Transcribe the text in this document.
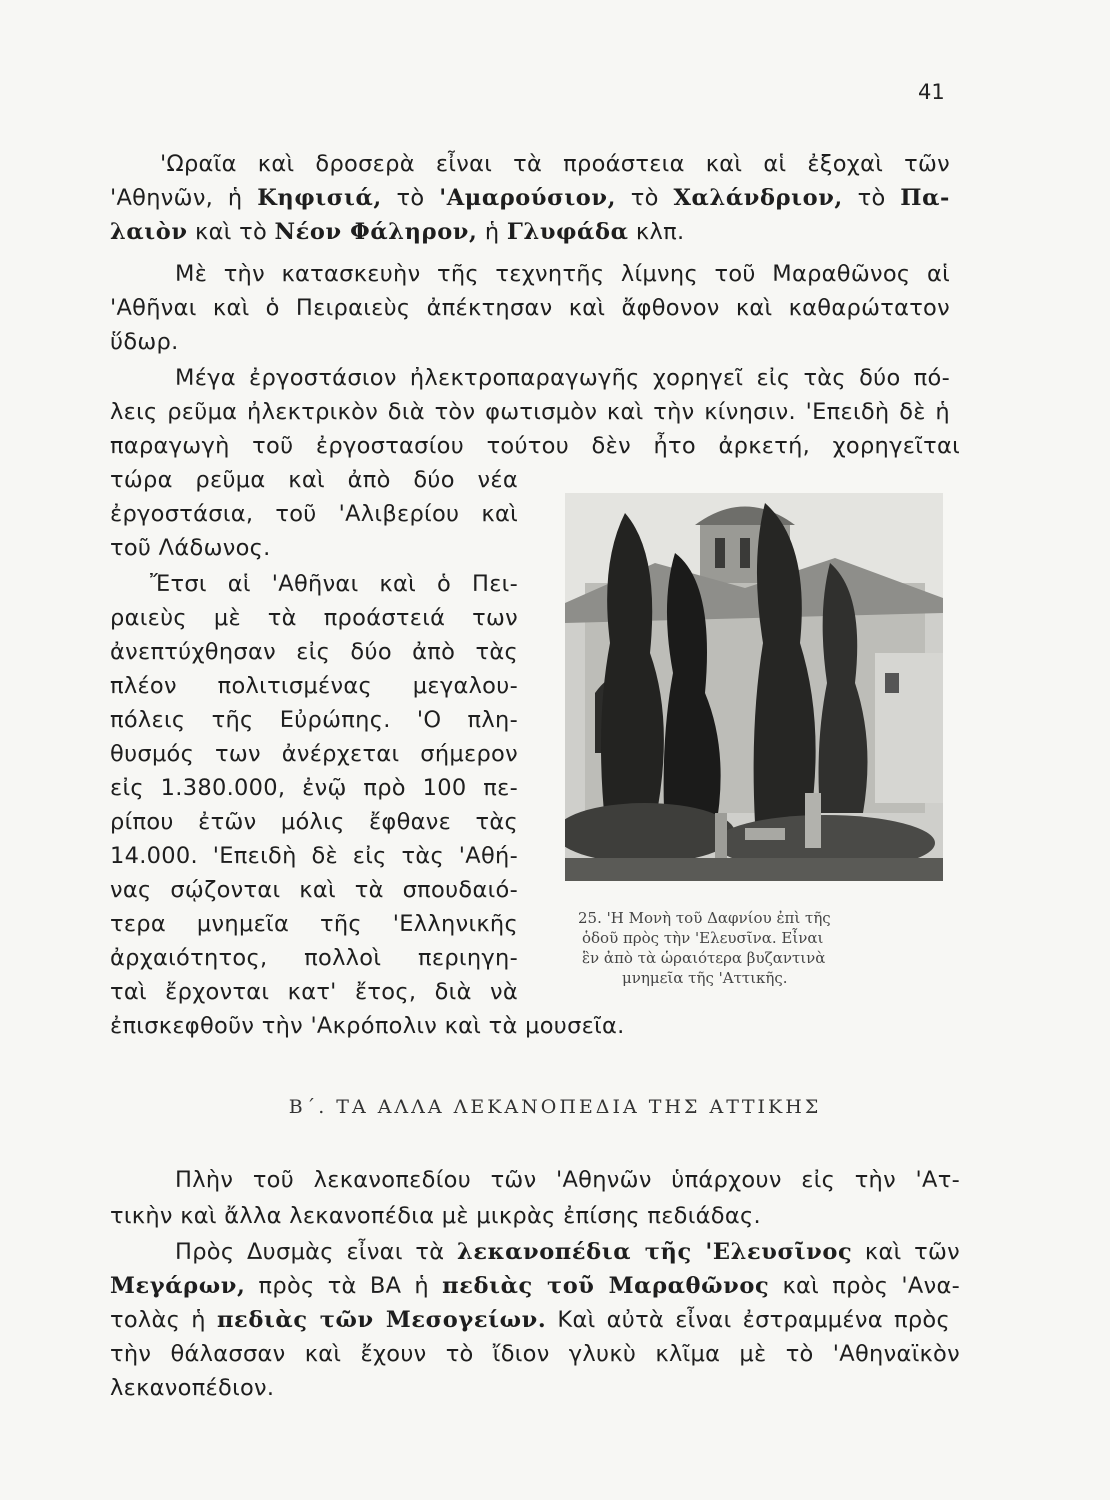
41
'Ωραῖα καὶ δροσερὰ εἶναι τὰ προάστεια καὶ αἱ ἐξοχαὶ τῶν
'Αθηνῶν, ἡ Κηφισιά, τὸ 'Αμαρούσιον, τὸ Χαλάνδριον, τὸ Πα-
λαιὸν καὶ τὸ Νέον Φάληρον, ἡ Γλυφάδα κλπ.
Μὲ τὴν κατασκευὴν τῆς τεχνητῆς λίμνης τοῦ Μαραθῶνος αἱ
'Αθῆναι καὶ ὁ Πειραιεὺς ἀπέκτησαν καὶ ἄφθονον καὶ καθαρώτατον
ὕδωρ.
Μέγα ἐργοστάσιον ἠλεκτροπαραγωγῆς χορηγεῖ εἰς τὰς δύο πό-
λεις ρεῦμα ἠλεκτρικὸν διὰ τὸν φωτισμὸν καὶ τὴν κίνησιν. 'Επειδὴ δὲ ἡ
παραγωγὴ τοῦ ἐργοστασίου τούτου δὲν ἦτο ἀρκετή, χορηγεῖται
τώρα ρεῦμα καὶ ἀπὸ δύο νέα
ἐργοστάσια, τοῦ 'Αλιβερίου καὶ
τοῦ Λάδωνος.
Ἔτσι αἱ 'Αθῆναι καὶ ὁ Πει-
ραιεὺς μὲ τὰ προάστειά των
ἀνεπτύχθησαν εἰς δύο ἀπὸ τὰς
πλέον πολιτισμένας μεγαλου-
πόλεις τῆς Εὐρώπης. 'Ο πλη-
θυσμός των ἀνέρχεται σήμερον
εἰς 1.380.000, ἐνῷ πρὸ 100 πε-
ρίπου ἐτῶν μόλις ἔφθανε τὰς
14.000. 'Επειδὴ δὲ εἰς τὰς 'Αθή-
νας σῴζονται καὶ τὰ σπουδαιό-
τερα μνημεῖα τῆς 'Ελληνικῆς
ἀρχαιότητος, πολλοὶ περιηγη-
ταὶ ἔρχονται κατ' ἔτος, διὰ νὰ
ἐπισκεφθοῦν τὴν 'Ακρόπολιν καὶ τὰ μουσεῖα.
25. 'Η Μονὴ τοῦ Δαφνίου ἐπὶ τῆς
ὁδοῦ πρὸς τὴν 'Ελευσῖνα. Εἶναι
ἓν ἀπὸ τὰ ὡραιότερα βυζαντινὰ
μνημεῖα τῆς 'Αττικῆς.
Β΄. ΤΑ ΑΛΛΑ ΛΕΚΑΝΟΠΕΔΙΑ ΤΗΣ ΑΤΤΙΚΗΣ
Πλὴν τοῦ λεκανοπεδίου τῶν 'Αθηνῶν ὑπάρχουν εἰς τὴν 'Ατ-
τικὴν καὶ ἄλλα λεκανοπέδια μὲ μικρὰς ἐπίσης πεδιάδας.
Πρὸς Δυσμὰς εἶναι τὰ λεκανοπέδια τῆς 'Ελευσῖνος καὶ τῶν
Μεγάρων, πρὸς τὰ ΒΑ ἡ πεδιὰς τοῦ Μαραθῶνος καὶ πρὸς 'Ανα-
τολὰς ἡ πεδιὰς τῶν Μεσογείων. Καὶ αὐτὰ εἶναι ἐστραμμένα πρὸς
τὴν θάλασσαν καὶ ἔχουν τὸ ἴδιον γλυκὺ κλῖμα μὲ τὸ 'Αθηναϊκὸν
λεκανοπέδιον.
